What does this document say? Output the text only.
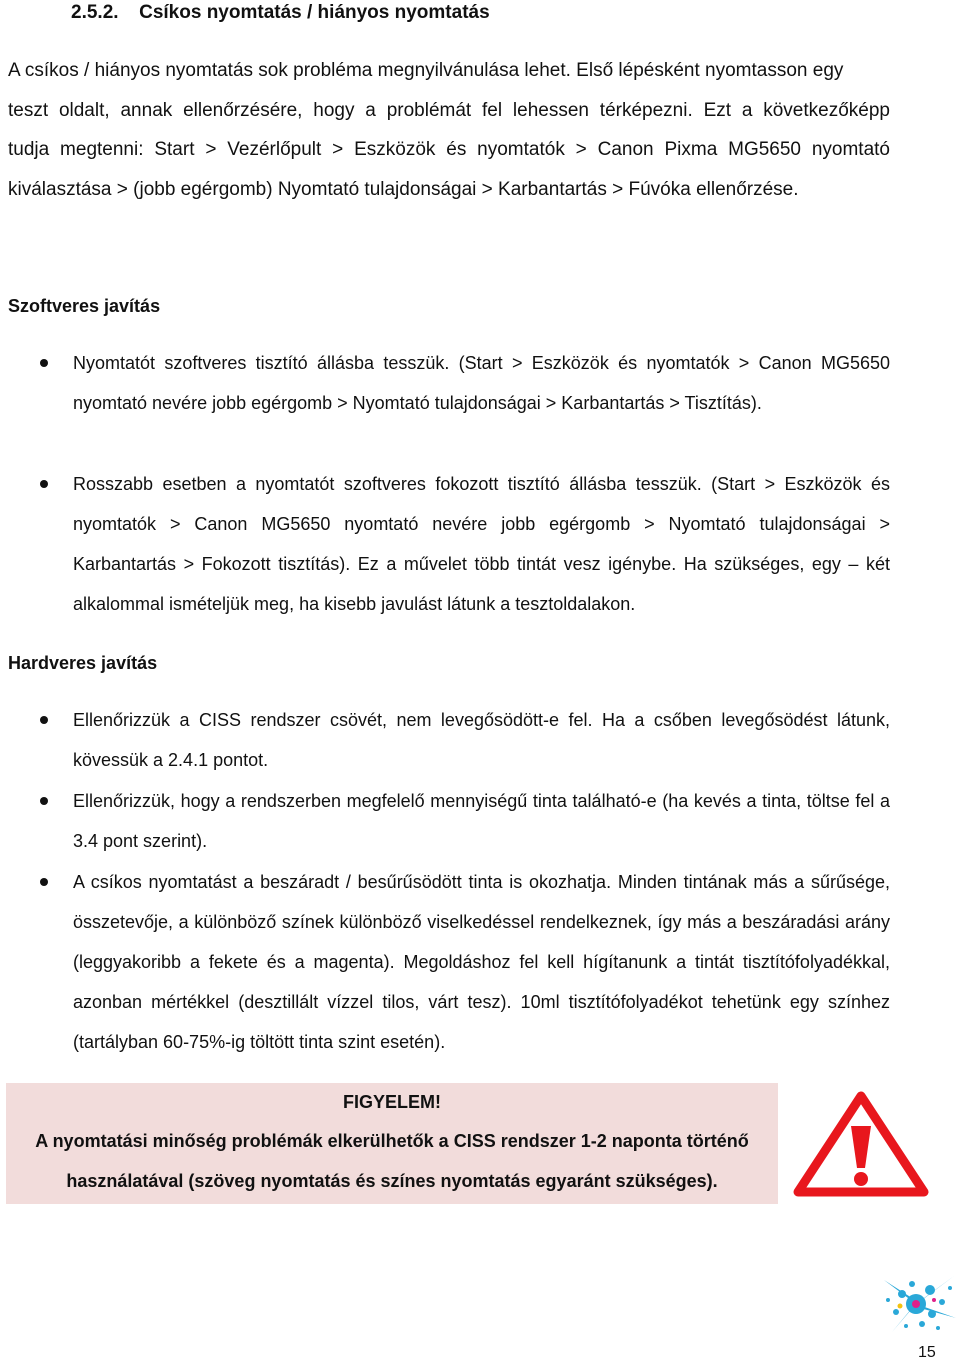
2.5.2. Csíkos nyomtatás / hiányos nyomtatás
A csíkos / hiányos nyomtatás sok probléma megnyilvánulása lehet. Első lépésként nyomtasson egy
teszt oldalt, annak ellenőrzésére, hogy a problémát fel lehessen térképezni. Ezt a következőképp
tudja megtenni: Start > Vezérlőpult > Eszközök és nyomtatók > Canon Pixma MG5650 nyomtató
kiválasztása > (jobb egérgomb) Nyomtató tulajdonságai > Karbantartás > Fúvóka ellenőrzése.
Szoftveres javítás
Nyomtatót szoftveres tisztító állásba tesszük. (Start > Eszközök és nyomtatók > Canon MG5650 nyomtató nevére jobb egérgomb > Nyomtató tulajdonságai > Karbantartás > Tisztítás).
Rosszabb esetben a nyomtatót szoftveres fokozott tisztító állásba tesszük. (Start > Eszközök és nyomtatók > Canon MG5650 nyomtató nevére jobb egérgomb > Nyomtató tulajdonságai > Karbantartás > Fokozott tisztítás). Ez a művelet több tintát vesz igénybe. Ha szükséges, egy – két alkalommal ismételjük meg, ha kisebb javulást látunk a tesztoldalakon.
Hardveres javítás
Ellenőrizzük a CISS rendszer csövét, nem levegősödött-e fel. Ha a csőben levegősödést látunk, kövessük a 2.4.1 pontot.
Ellenőrizzük, hogy a rendszerben megfelelő mennyiségű tinta található-e (ha kevés a tinta, töltse fel a 3.4 pont szerint).
A csíkos nyomtatást a beszáradt / besűrűsödött tinta is okozhatja. Minden tintának más a sűrűsége, összetevője, a különböző színek különböző viselkedéssel rendelkeznek, így más a beszáradási arány (leggyakoribb a fekete és a magenta). Megoldáshoz fel kell hígítanunk a tintát tisztítófolyadékkal, azonban mértékkel (desztillált vízzel tilos, várt tesz). 10ml tisztítófolyadékot tehetünk egy színhez (tartályban 60-75%-ig töltött tinta szint esetén).
FIGYELEM!
A nyomtatási minőség problémák elkerülhetők a CISS rendszer 1-2 naponta történő
használatával (szöveg nyomtatás és színes nyomtatás egyaránt szükséges).
15
